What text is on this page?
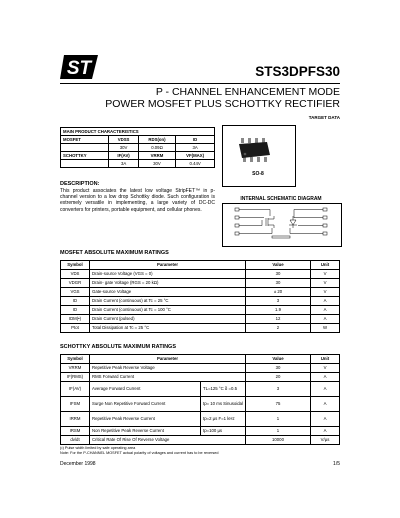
ST	STS3DPFS30
P - CHANNEL ENHANCEMENT MODE
POWER MOSFET PLUS SCHOTTKY RECTIFIER
TARGET DATA
MAIN PRODUCT CHARACTERISTICS			
MOSFET	VDSS	RDS(on)	ID
	30V	0.09Ω	3A
SCHOTTKY	IF(AV)	VRRM	VF(MAX)
	3A	30V	0.44V
SO-8
DESCRIPTION:
This product associates the latest low voltage StripFET™ in p-channel version to a low drop Schottky diode. Such configuration is extremely versatile in implementing, a large variety of DC-DC converters for printers, portable equipment, and cellular phones.
INTERNAL SCHEMATIC DIAGRAM
MOSFET ABSOLUTE MAXIMUM RATINGS
Symbol	Parameter	Value	Unit
VDS	Drain-source Voltage (VGS = 0)	30	V
VDGR	Drain- gate Voltage (RGS = 20 kΩ)	30	V
VGS	Gate-source Voltage	± 20	V
ID	Drain Current (continuous) at Tc = 25 °C	3	A
ID	Drain Current (continuous) at Tc = 100 °C	1.9	A
IDM(•)	Drain Current (pulsed)	12	A
Ptot	Total Dissipation at Tc = 25 °C	2	W
SCHOTTKY ABSOLUTE MAXIMUM RATINGS
Symbol	Parameter		Value	Unit
VRRM	Repetitive Peak Reverse Voltage		30	V
IF(RMS)	RMS Forward Current		20	A
IF(AV)	Average Forward Current	TL=125 °C δ =0.5	3	A
IFSM	Surge Non Repetitive Forward Current	tp= 10 ms Sinusoidal	75	A
IRRM	Repetitive Peak Reverse Current	tp=2 µs F=1 kHz	1	A
IRSM	Non Repetitive Peak Reverse Current	tp=100 µs	1	A
dv/dt	Critical Rate Of Rise Of Reverse Voltage		10000	V/µs
(•) Pulse width limited by safe operating area
Note: For the P-CHANNEL MOSFET actual polarity of voltages and current has to be reversed
December 1998	1/5
